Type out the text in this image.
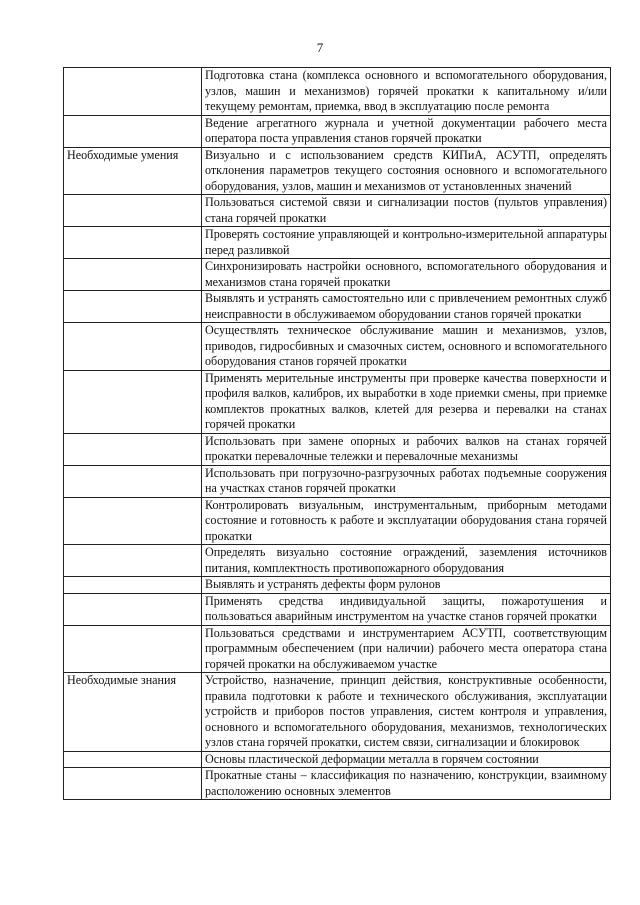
7
	Подготовка стана (комплекса основного и вспомогательного оборудования, узлов, машин и механизмов) горячей прокатки к капитальному и/или текущему ремонтам, приемка, ввод в эксплуатацию после ремонта
	Ведение агрегатного журнала и учетной документации рабочего места оператора поста управления станов горячей прокатки
Необходимые умения	Визуально и с использованием средств КИПиА, АСУТП, определять отклонения параметров текущего состояния основного и вспомогательного оборудования, узлов, машин и механизмов от установленных значений
	Пользоваться системой связи и сигнализации постов (пультов управления) стана горячей прокатки
	Проверять состояние управляющей и контрольно-измерительной аппаратуры перед разливкой
	Синхронизировать настройки основного, вспомогательного оборудования и механизмов стана горячей прокатки
	Выявлять и устранять самостоятельно или с привлечением ремонтных служб неисправности в обслуживаемом оборудовании станов горячей прокатки
	Осуществлять техническое обслуживание машин и механизмов, узлов, приводов, гидросбивных и смазочных систем, основного и вспомогательного оборудования станов горячей прокатки
	Применять мерительные инструменты при проверке качества поверхности и профиля валков, калибров, их выработки в ходе приемки смены, при приемке комплектов прокатных валков, клетей для резерва и перевалки на станах горячей прокатки
	Использовать при замене опорных и рабочих валков на станах горячей прокатки перевалочные тележки и перевалочные механизмы
	Использовать при погрузочно-разгрузочных работах подъемные сооружения на участках станов горячей прокатки
	Контролировать визуальным, инструментальным, приборным методами состояние и готовность к работе и эксплуатации оборудования стана горячей прокатки
	Определять визуально состояние ограждений, заземления источников питания, комплектность противопожарного оборудования
	Выявлять и устранять дефекты форм рулонов
	Применять средства индивидуальной защиты, пожаротушения и пользоваться аварийным инструментом на участке станов горячей прокатки
	Пользоваться средствами и инструментарием АСУТП, соответствующим программным обеспечением (при наличии) рабочего места оператора стана горячей прокатки на обслуживаемом участке
Необходимые знания	Устройство, назначение, принцип действия, конструктивные особенности, правила подготовки к работе и технического обслуживания, эксплуатации устройств и приборов постов управления, систем контроля и управления, основного и вспомогательного оборудования, механизмов, технологических узлов стана горячей прокатки, систем связи, сигнализации и блокировок
	Основы пластической деформации металла в горячем состоянии
	Прокатные станы – классификация по назначению, конструкции, взаимному расположению основных элементов
